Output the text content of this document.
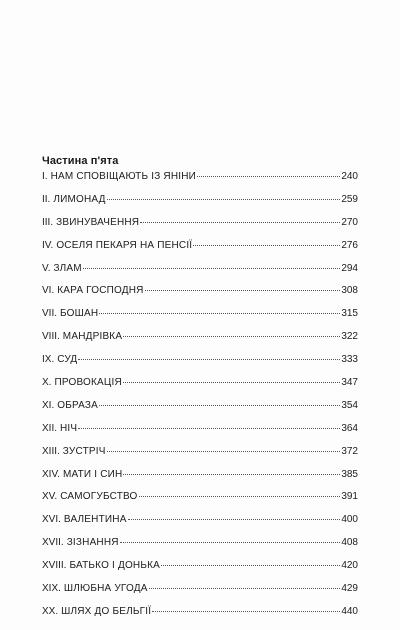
Частина п'ята
I. НАМ СПОВІЩАЮТЬ ІЗ ЯНІНИ	240
II. ЛИМОНАД	259
III. ЗВИНУВАЧЕННЯ	270
IV. ОСЕЛЯ ПЕКАРЯ НА ПЕНСІЇ	276
V. ЗЛАМ	294
VI. КАРА ГОСПОДНЯ	308
VII. БОШАН	315
VIII. МАНДРІВКА	322
IX. СУД	333
X. ПРОВОКАЦІЯ	347
XI. ОБРАЗА	354
XII. НІЧ	364
XIII. ЗУСТРІЧ	372
XIV. МАТИ І СИН	385
XV. САМОГУБСТВО	391
XVI. ВАЛЕНТИНА	400
XVII. ЗІЗНАННЯ	408
XVIII. БАТЬКО І ДОНЬКА	420
XIX. ШЛЮБНА УГОДА	429
XX. ШЛЯХ ДО БЕЛЬГІЇ	440
